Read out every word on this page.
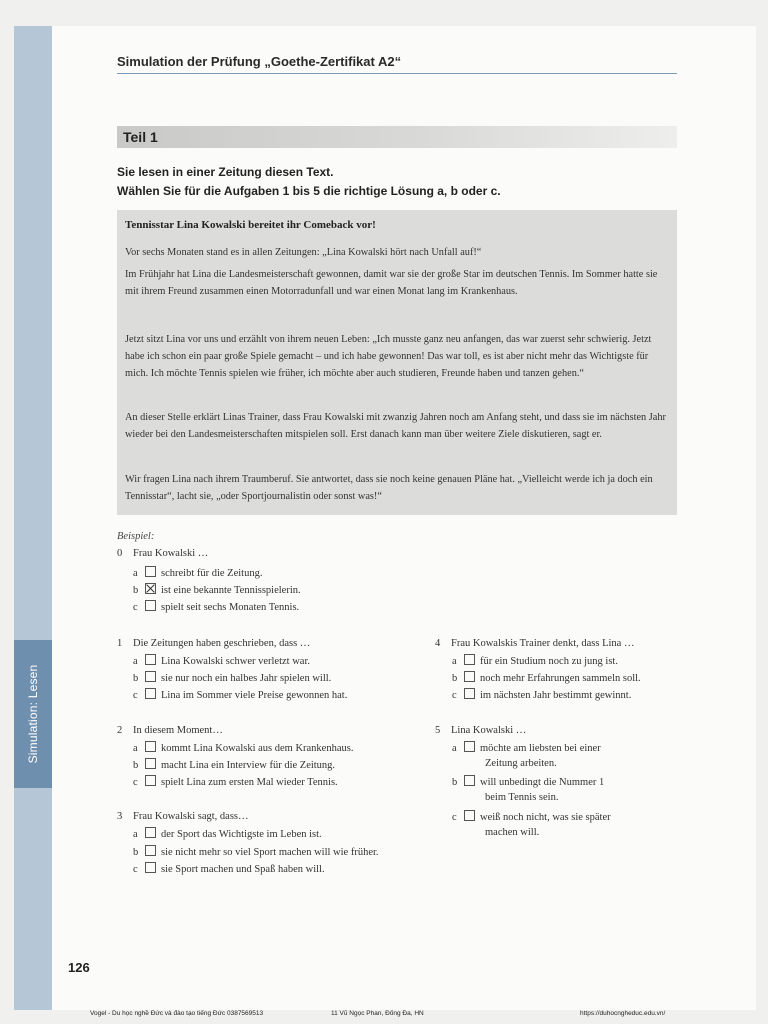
Simulation: Lesen
Simulation der Prüfung „Goethe-Zertifikat A2“
Teil 1
Sie lesen in einer Zeitung diesen Text.
Wählen Sie für die Aufgaben 1 bis 5 die richtige Lösung a, b oder c.
Tennisstar Lina Kowalski bereitet ihr Comeback vor!
Vor sechs Monaten stand es in allen Zeitungen: „Lina Kowalski hört nach Unfall auf!“
Im Frühjahr hat Lina die Landesmeisterschaft gewonnen, damit war sie der große Star im deutschen Tennis. Im Sommer hatte sie mit ihrem Freund zusammen einen Motorradunfall und war einen Monat lang im Krankenhaus.
Jetzt sitzt Lina vor uns und erzählt von ihrem neuen Leben: „Ich musste ganz neu anfangen, das war zuerst sehr schwierig. Jetzt habe ich schon ein paar große Spiele gemacht – und ich habe gewonnen! Das war toll, es ist aber nicht mehr das Wichtigste für mich. Ich möchte Tennis spielen wie früher, ich möchte aber auch studieren, Freunde haben und tanzen gehen.“
An dieser Stelle erklärt Linas Trainer, dass Frau Kowalski mit zwanzig Jahren noch am Anfang steht, und dass sie im nächsten Jahr wieder bei den Landesmeisterschaften mitspielen soll. Erst danach kann man über weitere Ziele diskutieren, sagt er.
Wir fragen Lina nach ihrem Traumberuf. Sie antwortet, dass sie noch keine genauen Pläne hat. „Vielleicht werde ich ja doch ein Tennisstar“, lacht sie, „oder Sportjournalistin oder sonst was!“
Beispiel:
0 Frau Kowalski …
a schreibt für die Zeitung.
b ist eine bekannte Tennisspielerin.
c spielt seit sechs Monaten Tennis.
1 Die Zeitungen haben geschrieben, dass …
a Lina Kowalski schwer verletzt war.
b sie nur noch ein halbes Jahr spielen will.
c Lina im Sommer viele Preise gewonnen hat.
2 In diesem Moment…
a kommt Lina Kowalski aus dem Krankenhaus.
b macht Lina ein Interview für die Zeitung.
c spielt Lina zum ersten Mal wieder Tennis.
3 Frau Kowalski sagt, dass…
a der Sport das Wichtigste im Leben ist.
b sie nicht mehr so viel Sport machen will wie früher.
c sie Sport machen und Spaß haben will.
4 Frau Kowalskis Trainer denkt, dass Lina …
a für ein Studium noch zu jung ist.
b noch mehr Erfahrungen sammeln soll.
c im nächsten Jahr bestimmt gewinnt.
5 Lina Kowalski …
a möchte am liebsten bei einer
Zeitung arbeiten.
b will unbedingt die Nummer 1
beim Tennis sein.
c weiß noch nicht, was sie später
machen will.
126
Vogel - Du học nghề Đức và đào tạo tiếng Đức 0387569513	11 Vũ Ngọc Phan, Đống Đa, HN	https://duhocngheduc.edu.vn/
